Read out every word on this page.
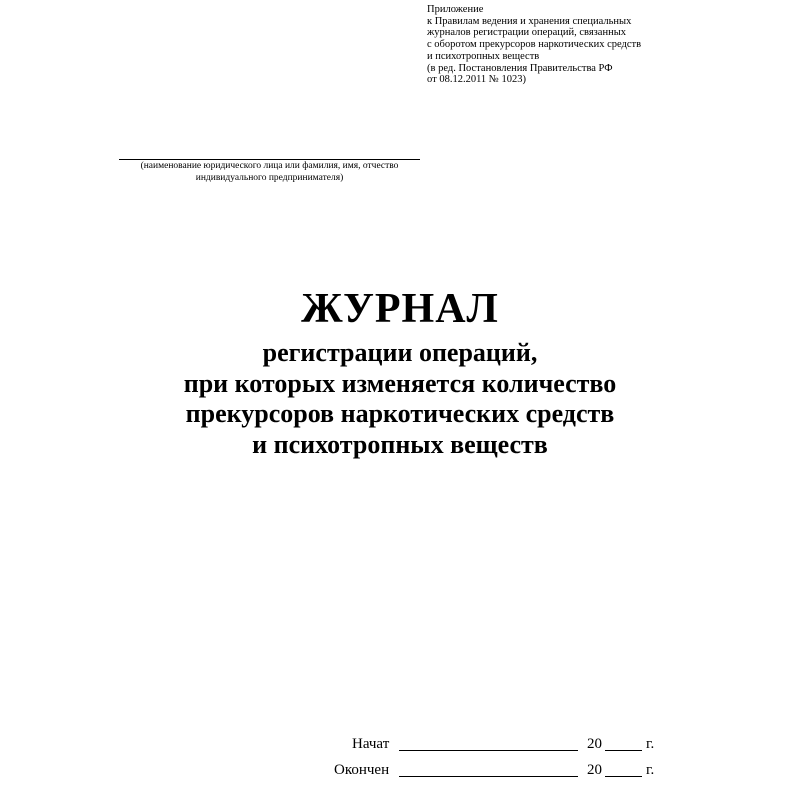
Приложение
к Правилам ведения и хранения специальных
журналов регистрации операций, связанных
с оборотом прекурсоров наркотических средств
и психотропных веществ
(в ред. Постановления Правительства РФ
от 08.12.2011 № 1023)
(наименование юридического лица или фамилия, имя, отчество
индивидуального предпринимателя)
ЖУРНАЛ
регистрации операций,
при которых изменяется количество
прекурсоров наркотических средств
и психотропных веществ
Начат	20	г.
Окончен	20	г.
